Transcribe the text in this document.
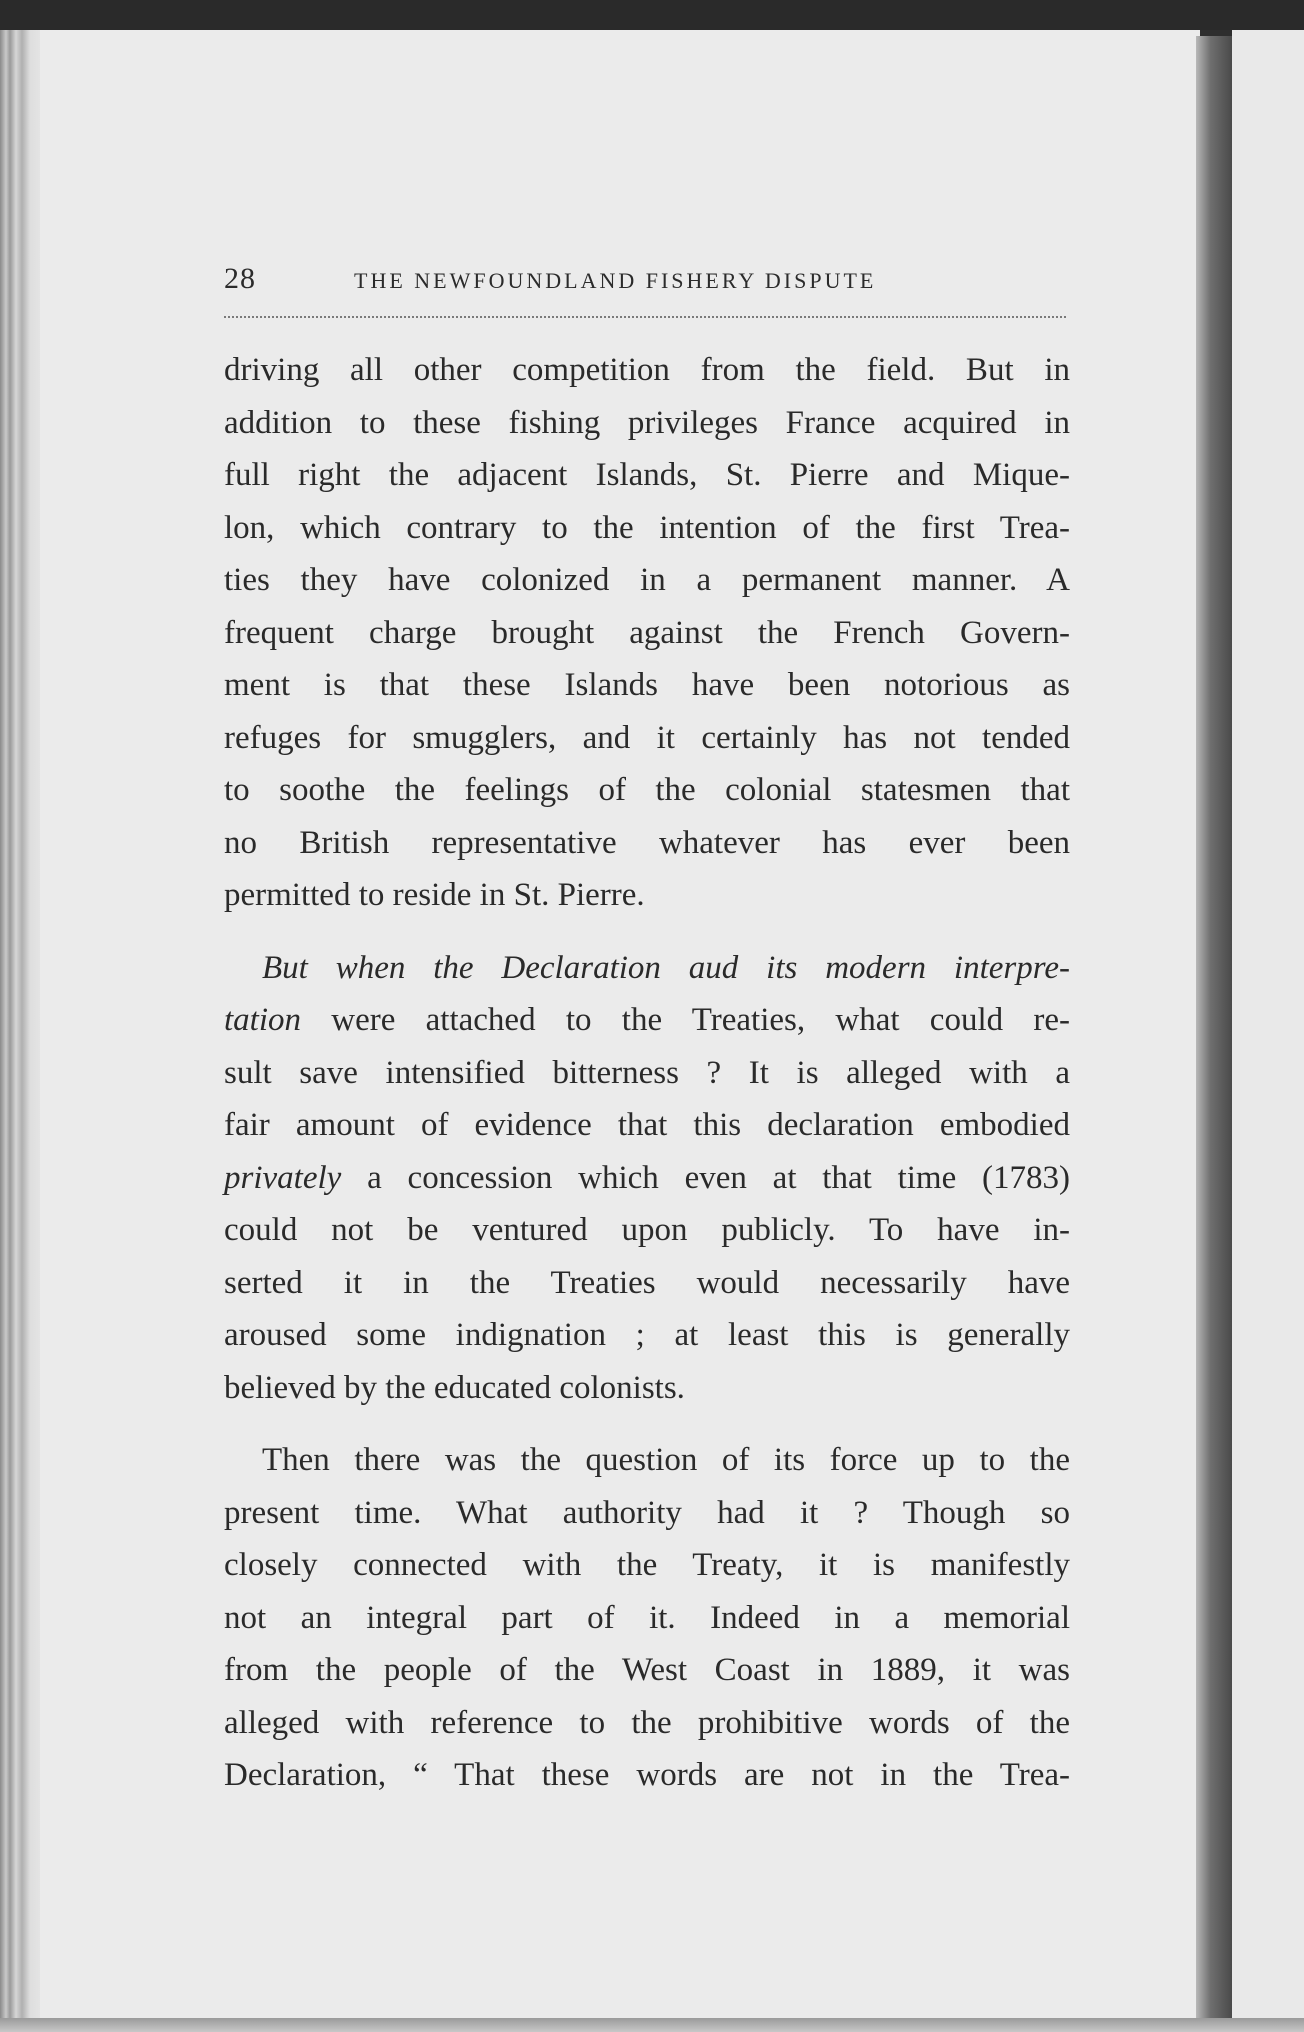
28	THE NEWFOUNDLAND FISHERY DISPUTE

driving all other competition from the field. But in
addition to these fishing privileges France acquired in
full right the adjacent Islands, St. Pierre and Mique-
lon, which contrary to the intention of the first Trea-
ties they have colonized in a permanent manner. A
frequent charge brought against the French Govern-
ment is that these Islands have been notorious as
refuges for smugglers, and it certainly has not tended
to soothe the feelings of the colonial statesmen that
no British representative whatever has ever been
permitted to reside in St. Pierre.

But when the Declaration aud its modern interpre-
tation were attached to the Treaties, what could re-
sult save intensified bitterness ? It is alleged with a
fair amount of evidence that this declaration embodied
privately a concession which even at that time (1783)
could not be ventured upon publicly. To have in-
serted it in the Treaties would necessarily have
aroused some indignation ; at least this is generally
believed by the educated colonists.

Then there was the question of its force up to the
present time. What authority had it ? Though so
closely connected with the Treaty, it is manifestly
not an integral part of it. Indeed in a memorial
from the people of the West Coast in 1889, it was
alleged with reference to the prohibitive words of the
Declaration, “ That these words are not in the Trea-
